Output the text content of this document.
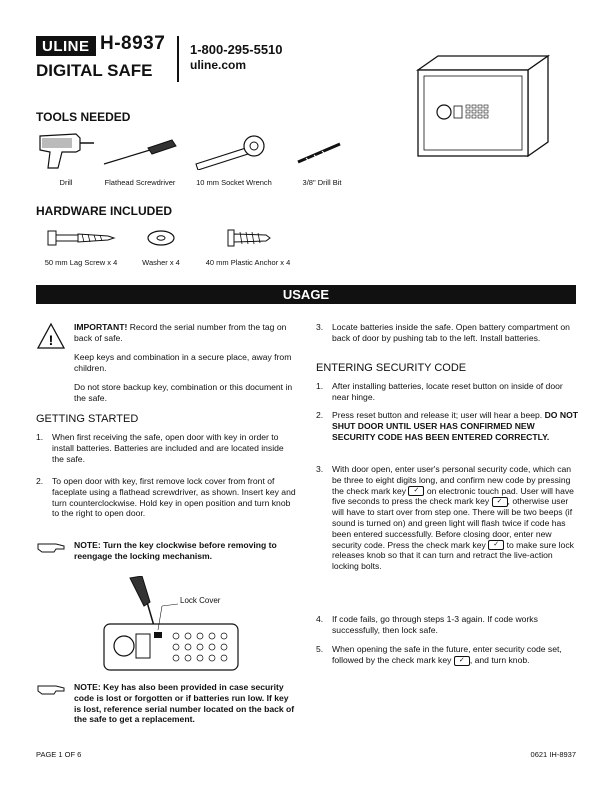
ULINE H-8937
DIGITAL SAFE
1-800-295-5510
uline.com
TOOLS NEEDED
Drill	Flathead Screwdriver	10 mm Socket Wrench	3/8" Drill Bit
HARDWARE INCLUDED
50 mm Lag Screw x 4	Washer x 4	40 mm Plastic Anchor x 4
USAGE
!
IMPORTANT! Record the serial number from the tag on back of safe.
Keep keys and combination in a secure place, away from children.
Do not store backup key, combination or this document in the safe.
GETTING STARTED
1. When first receiving the safe, open door with key in order to install batteries. Batteries are included and are located inside the safe.
2. To open door with key, first remove lock cover from front of faceplate using a flathead screwdriver, as shown. Insert key and turn counterclockwise. Hold key in open position and turn knob to the right to open door.
NOTE: Turn the key clockwise before removing to reengage the locking mechanism.
Lock Cover
NOTE: Key has also been provided in case security code is lost or forgotten or if batteries run low. If key is lost, reference serial number located on the back of the safe to get a replacement.
3. Locate batteries inside the safe. Open battery compartment on back of door by pushing tab to the left. Install batteries.
ENTERING SECURITY CODE
1. After installing batteries, locate reset button on inside of door near hinge.
2. Press reset button and release it; user will hear a beep. DO NOT SHUT DOOR UNTIL USER HAS CONFIRMED NEW SECURITY CODE HAS BEEN ENTERED CORRECTLY.
3. With door open, enter user's personal security code, which can be three to eight digits long, and confirm new code by pressing the check mark key ✓ on electronic touch pad. User will have five seconds to press the check mark key ✓ , otherwise user will have to start over from step one. There will be two beeps (if sound is turned on) and green light will flash twice if code has been entered successfully. Before closing door, enter new security code. Press the check mark key ✓ to make sure lock releases knob so that it can turn and retract the live-action locking bolts.
4. If code fails, go through steps 1-3 again. If code works successfully, then lock safe.
5. When opening the safe in the future, enter security code set, followed by the check mark key ✓ , and turn knob.
PAGE 1 OF 6	0621 IH-8937
